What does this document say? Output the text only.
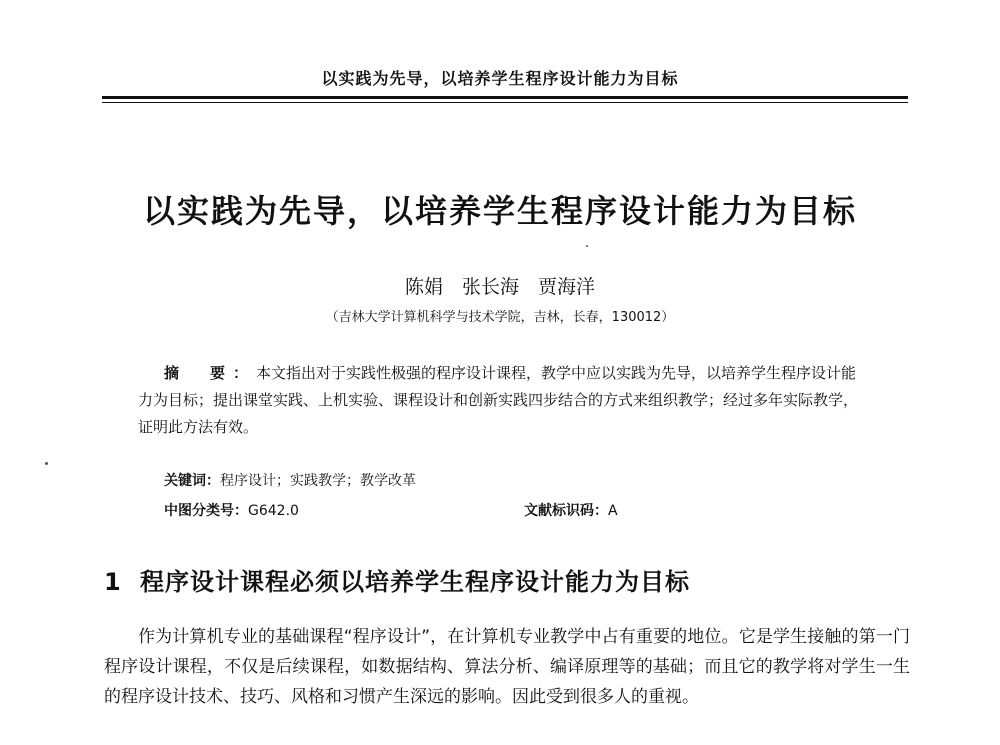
以实践为先导，以培养学生程序设计能力为目标
以实践为先导，以培养学生程序设计能力为目标
陈娟　张长海　贾海洋
（吉林大学计算机科学与技术学院，吉林，长春，130012）

摘　要：本文指出对于实践性极强的程序设计课程，教学中应以实践为先导，以培养学生程序设计能力为目标；提出课堂实践、上机实验、课程设计和创新实践四步结合的方式来组织教学；经过多年实际教学，证明此方法有效。

关键词：程序设计；实践教学；教学改革
中图分类号：G642.0	文献标识码：A
1 程序设计课程必须以培养学生程序设计能力为目标

作为计算机专业的基础课程“程序设计”，在计算机专业教学中占有重要的地位。它是学生接触的第一门程序设计课程，不仅是后续课程，如数据结构、算法分析、编译原理等的基础；而且它的教学将对学生一生的程序设计技术、技巧、风格和习惯产生深远的影响。因此受到很多人的重视。
